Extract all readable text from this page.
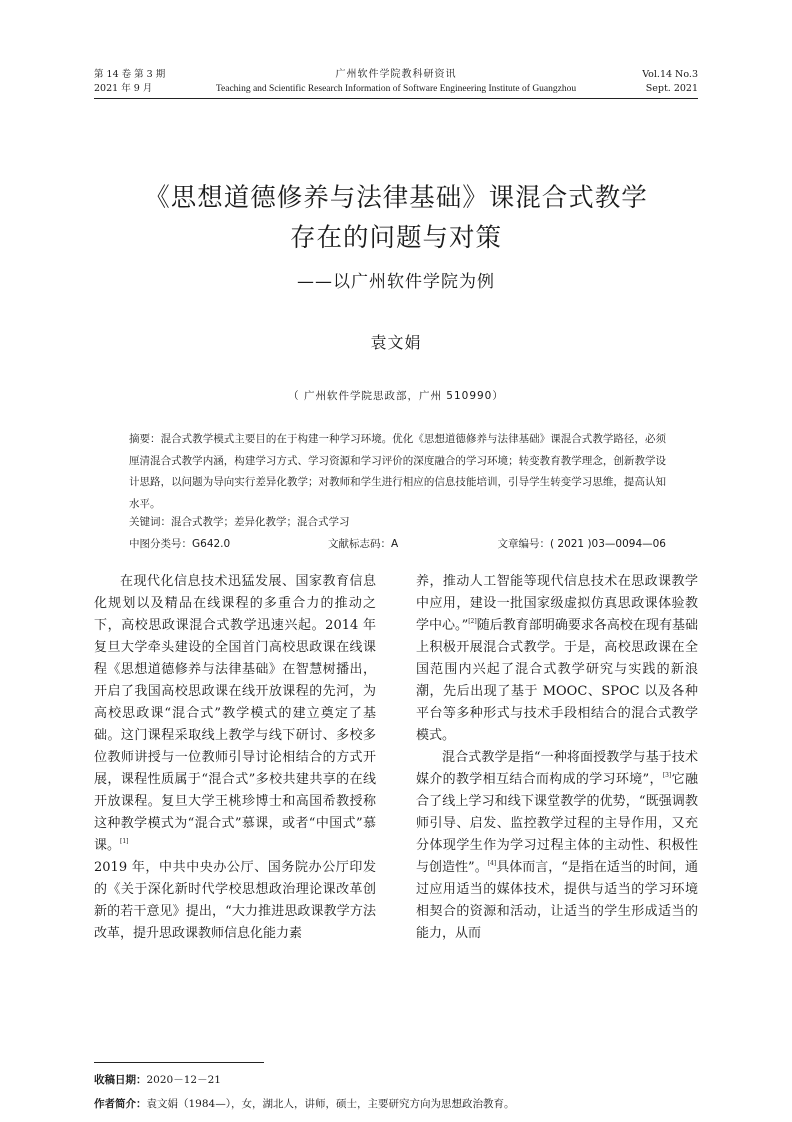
第 14 卷 第 3 期
2021 年 9 月
广州软件学院教科研资讯
Teaching and Scientific Research Information of Software Engineering Institute of Guangzhou
Vol.14 No.3
Sept. 2021
《思想道德修养与法律基础》课混合式教学
存在的问题与对策
——以广州软件学院为例
袁文娟
（ 广州软件学院思政部，广州 510990）

摘要：混合式教学模式主要目的在于构建一种学习环境。优化《思想道德修养与法律基础》课混合式教学路径，必须厘清混合式教学内涵，构建学习方式、学习资源和学习评价的深度融合的学习环境；转变教育教学理念，创新教学设计思路，以问题为导向实行差异化教学；对教师和学生进行相应的信息技能培训，引导学生转变学习思维，提高认知水平。

关键词：混合式教学；差异化教学；混合式学习
中图分类号：G642.0	文献标志码：A	文章编号：( 2021 )03—0094—06

在现代化信息技术迅猛发展、国家教育信息化规划以及精品在线课程的多重合力的推动之下，高校思政课混合式教学迅速兴起。2014 年复旦大学牵头建设的全国首门高校思政课在线课程《思想道德修养与法律基础》在智慧树播出，开启了我国高校思政课在线开放课程的先河，为高校思政课“混合式”教学模式的建立奠定了基础。这门课程采取线上教学与线下研讨、多校多位教师讲授与一位教师引导讨论相结合的方式开展，课程性质属于“混合式”多校共建共享的在线开放课程。复旦大学王桃珍博士和高国希教授称这种教学模式为“混合式”慕课，或者“中国式”慕课。[1]

2019 年，中共中央办公厅、国务院办公厅印发的《关于深化新时代学校思想政治理论课改革创新的若干意见》提出，“大力推进思政课教学方法改革，提升思政课教师信息化能力素

养，推动人工智能等现代信息技术在思政课教学中应用，建设一批国家级虚拟仿真思政课体验教学中心。”[2]随后教育部明确要求各高校在现有基础上积极开展混合式教学。于是，高校思政课在全国范围内兴起了混合式教学研究与实践的新浪潮，先后出现了基于 MOOC、SPOC 以及各种平台等多种形式与技术手段相结合的混合式教学模式。

混合式教学是指“一种将面授教学与基于技术媒介的教学相互结合而构成的学习环境”，[3]它融合了线上学习和线下课堂教学的优势，“既强调教师引导、启发、监控教学过程的主导作用，又充分体现学生作为学习过程主体的主动性、积极性与创造性”。[4]具体而言，“是指在适当的时间，通过应用适当的媒体技术，提供与适当的学习环境相契合的资源和活动，让适当的学生形成适当的能力，从而

收稿日期：2020－12－21
作者简介：袁文娟（1984—），女，湖北人，讲师，硕士，主要研究方向为思想政治教育。
